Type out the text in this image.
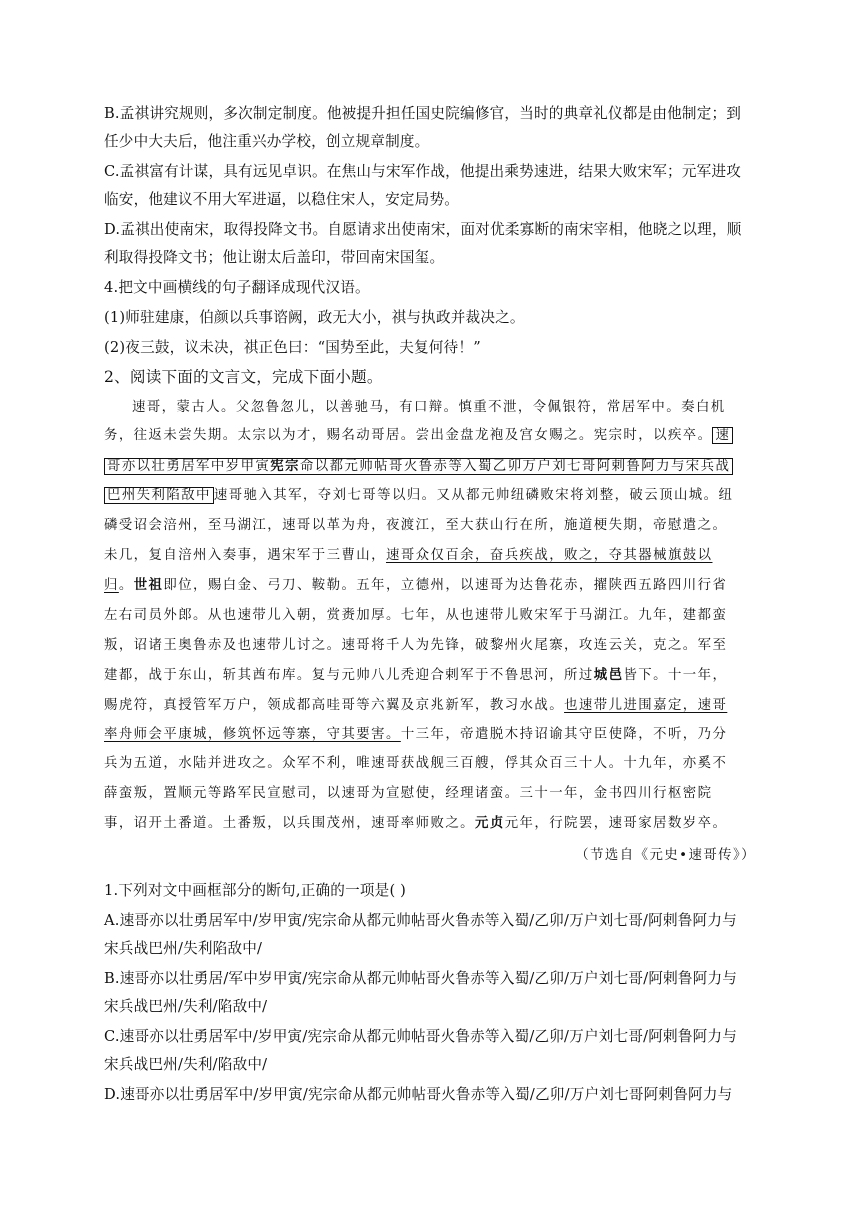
B.孟祺讲究规则，多次制定制度。他被提升担任国史院编修官，当时的典章礼仪都是由他制定；到
任少中大夫后，他注重兴办学校，创立规章制度。
C.孟祺富有计谋，具有远见卓识。在焦山与宋军作战，他提出乘势速进，结果大败宋军；元军进攻
临安，他建议不用大军进逼，以稳住宋人，安定局势。
D.孟祺出使南宋，取得投降文书。自愿请求出使南宋，面对优柔寡断的南宋宰相，他晓之以理，顺
利取得投降文书；他让谢太后盖印，带回南宋国玺。
4.把文中画横线的句子翻译成现代汉语。
(1)师驻建康，伯颜以兵事谘阙，政无大小，祺与执政并裁决之。
(2)夜三鼓，议未决，祺正色曰：“国势至此，夫复何待！”
2、阅读下面的文言文，完成下面小题。
速哥，蒙古人。父忽鲁忽儿，以善驰马，有口辩。慎重不泄，令佩银符，常居军中。奏白机
务，往返未尝失期。太宗以为才，赐名动哥居。尝出金盘龙袍及宫女赐之。宪宗时，以疾卒。 速
哥亦以壮勇居军中岁甲寅宪宗命以都元帅帖哥火鲁赤等入蜀乙卯万户刘七哥阿剌鲁阿力与宋兵战
巴州失利陷敌中 速哥驰入其军，夺刘七哥等以归。又从都元帅纽磷败宋将刘整，破云顶山城。纽
磷受诏会涪州，至马湖江，速哥以革为舟，夜渡江，至大获山行在所，施道梗失期，帝慰遣之。
未几，复自涪州入奏事，遇宋军于三曹山，速哥众仅百余，奋兵疾战，败之，夺其器械旗鼓以
归。世祖即位，赐白金、弓刀、鞍勒。五年，立德州，以速哥为达鲁花赤，擢陕西五路四川行省
左右司员外郎。从也速带儿入朝，赏赉加厚。七年，从也速带儿败宋军于马湖江。九年，建都蛮
叛，诏诸王奥鲁赤及也速带儿讨之。速哥将千人为先锋，破黎州火尾寨，攻连云关，克之。军至
建都，战于东山，斩其酋布库。复与元帅八儿秃迎合剌军于不鲁思河，所过城邑皆下。十一年，
赐虎符，真授管军万户，领成都高哇哥等六翼及京兆新军，教习水战。也速带儿进围嘉定，速哥
率舟师会平康城，修筑怀远等寨，守其要害。十三年，帝遣脱木持诏谕其守臣使降，不听，乃分
兵为五道，水陆并进攻之。众军不利，唯速哥获战舰三百艘，俘其众百三十人。十九年，亦奚不
薛蛮叛，置顺元等路军民宣慰司，以速哥为宣慰使，经理诸蛮。三十一年，金书四川行枢密院
事，诏开土番道。土番叛，以兵围茂州，速哥率师败之。元贞元年，行院罢，速哥家居数岁卒。
（节选自《元史•速哥传》）
1.下列对文中画框部分的断句,正确的一项是( )
A.速哥亦以壮勇居军中/岁甲寅/宪宗命从都元帅帖哥火鲁赤等入蜀/乙卯/万户刘七哥/阿剌鲁阿力与
宋兵战巴州/失利陷敌中/
B.速哥亦以壮勇居/军中岁甲寅/宪宗命从都元帅帖哥火鲁赤等入蜀/乙卯/万户刘七哥/阿剌鲁阿力与
宋兵战巴州/失利/陷敌中/
C.速哥亦以壮勇居军中/岁甲寅/宪宗命从都元帅帖哥火鲁赤等入蜀/乙卯/万户刘七哥/阿剌鲁阿力与
宋兵战巴州/失利/陷敌中/
D.速哥亦以壮勇居军中/岁甲寅/宪宗命从都元帅帖哥火鲁赤等入蜀/乙卯/万户刘七哥阿剌鲁阿力与
